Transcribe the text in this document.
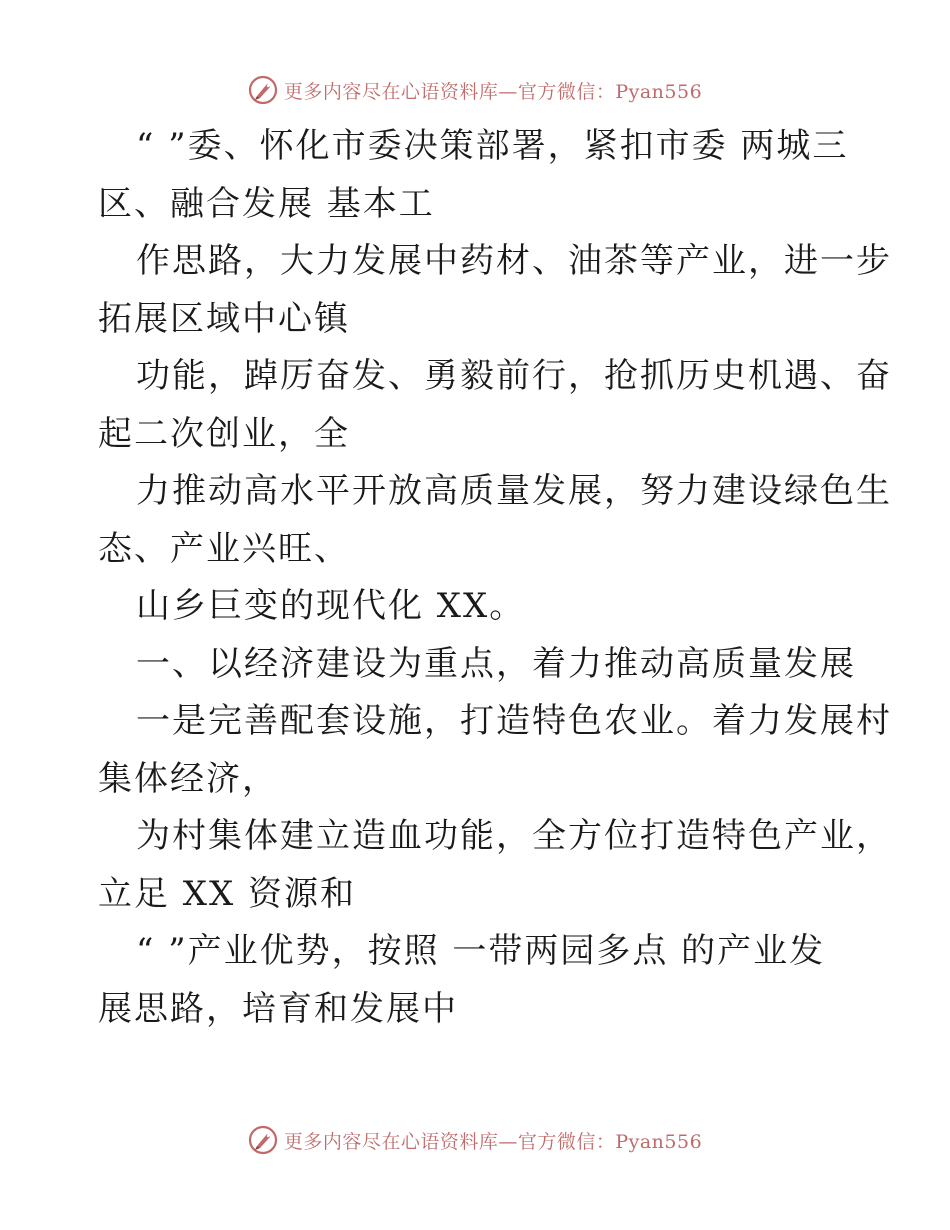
更多内容尽在心语资料库—官方微信：Pyan556
“ ”委、怀化市委决策部署，紧扣市委 两城三
区、融合发展 基本工
作思路，大力发展中药材、油茶等产业，进一步
拓展区域中心镇
功能，踔厉奋发、勇毅前行，抢抓历史机遇、奋
起二次创业，全
力推动高水平开放高质量发展，努力建设绿色生
态、产业兴旺、
山乡巨变的现代化 XX。
一、以经济建设为重点，着力推动高质量发展
一是完善配套设施，打造特色农业。着力发展村
集体经济，
为村集体建立造血功能，全方位打造特色产业，
立足 XX 资源和
“ ”产业优势，按照 一带两园多点 的产业发
展思路，培育和发展中
更多内容尽在心语资料库—官方微信：Pyan556
